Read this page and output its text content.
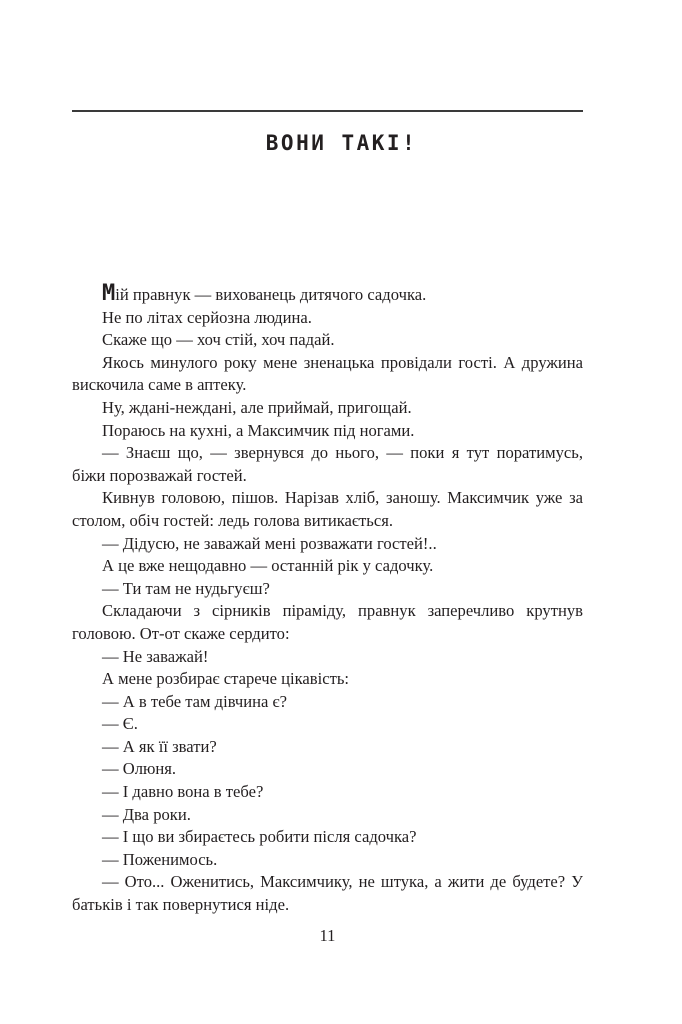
ВОНИ ТАКІ!

Мій правнук — вихованець дитячого садочка.

Не по літах серйозна людина.

Скаже що — хоч стій, хоч падай.

Якось минулого року мене зненацька провідали гості. А дружина вискочила саме в аптеку.

Ну, ждані-нежданi, але приймай, пригощай.

Пораюсь на кухні, а Максимчик під ногами.

— Знаєш що, — звернувся до нього, — поки я тут поратимусь, біжи порозважай гостей.

Кивнув головою, пішов. Нарізав хліб, заношу. Максимчик уже за столом, обіч гостей: ледь голова витикається.

— Дідусю, не заважай мені розважати гостей!..

А це вже нещодавно — останній рік у садочку.

— Ти там не нудьгуєш?

Складаючи з сірників піраміду, правнук заперечливо крутнув головою. От-от скаже сердито:

— Не заважай!

А мене розбирає старече цікавість:

— А в тебе там дівчина є?

— Є.

— А як її звати?

— Олюня.

— І давно вона в тебе?

— Два роки.

— І що ви збираєтесь робити після садочка?

— Поженимось.

— Ото... Оженитись, Максимчику, не штука, а жити де будете? У батьків і так повернутися ніде.

11
